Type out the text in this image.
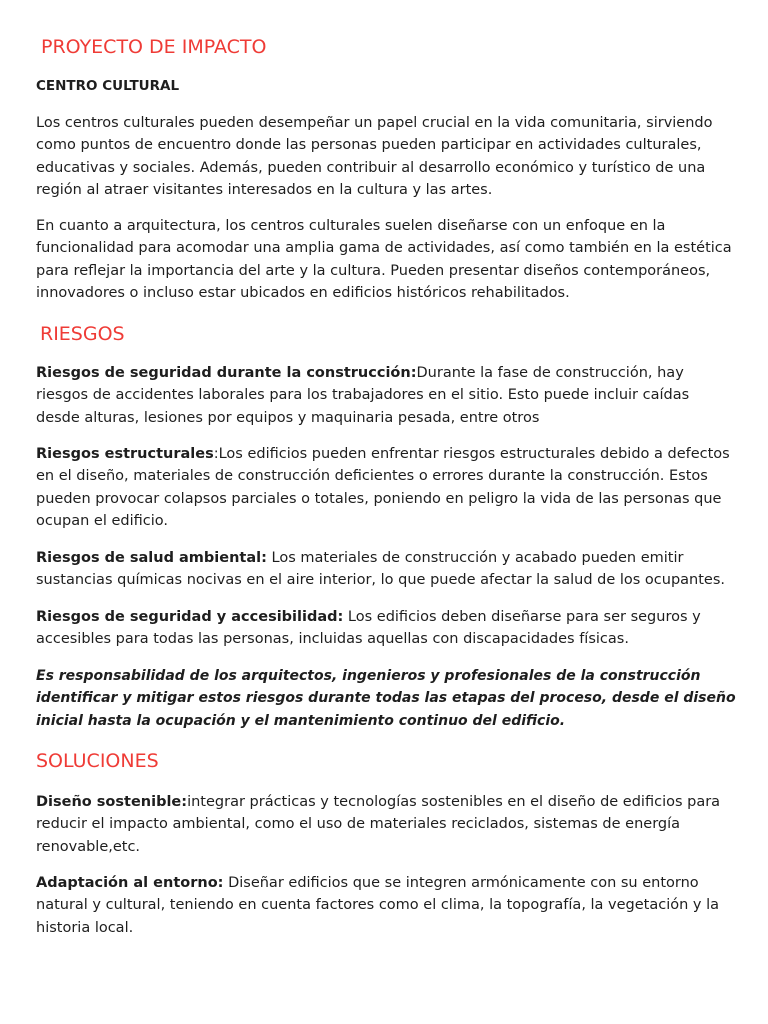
PROYECTO DE IMPACTO
CENTRO CULTURAL

Los centros culturales pueden desempeñar un papel crucial en la vida comunitaria, sirviendo como puntos de encuentro donde las personas pueden participar en actividades culturales, educativas y sociales. Además, pueden contribuir al desarrollo económico y turístico de una región al atraer visitantes interesados en la cultura y las artes.

En cuanto a arquitectura, los centros culturales suelen diseñarse con un enfoque en la funcionalidad para acomodar una amplia gama de actividades, así como también en la estética para reflejar la importancia del arte y la cultura. Pueden presentar diseños contemporáneos, innovadores o incluso estar ubicados en edificios históricos rehabilitados.

RIESGOS

Riesgos de seguridad durante la construcción:Durante la fase de construcción, hay riesgos de accidentes laborales para los trabajadores en el sitio. Esto puede incluir caídas desde alturas, lesiones por equipos y maquinaria pesada, entre otros

Riesgos estructurales:Los edificios pueden enfrentar riesgos estructurales debido a defectos en el diseño, materiales de construcción deficientes o errores durante la construcción. Estos pueden provocar colapsos parciales o totales, poniendo en peligro la vida de las personas que ocupan el edificio.

Riesgos de salud ambiental: Los materiales de construcción y acabado pueden emitir sustancias químicas nocivas en el aire interior, lo que puede afectar la salud de los ocupantes.

Riesgos de seguridad y accesibilidad: Los edificios deben diseñarse para ser seguros y accesibles para todas las personas, incluidas aquellas con discapacidades físicas.

Es responsabilidad de los arquitectos, ingenieros y profesionales de la construcción identificar y mitigar estos riesgos durante todas las etapas del proceso, desde el diseño inicial hasta la ocupación y el mantenimiento continuo del edificio.

SOLUCIONES

Diseño sostenible:integrar prácticas y tecnologías sostenibles en el diseño de edificios para reducir el impacto ambiental, como el uso de materiales reciclados, sistemas de energía renovable,etc.

Adaptación al entorno: Diseñar edificios que se integren armónicamente con su entorno natural y cultural, teniendo en cuenta factores como el clima, la topografía, la vegetación y la historia local.
